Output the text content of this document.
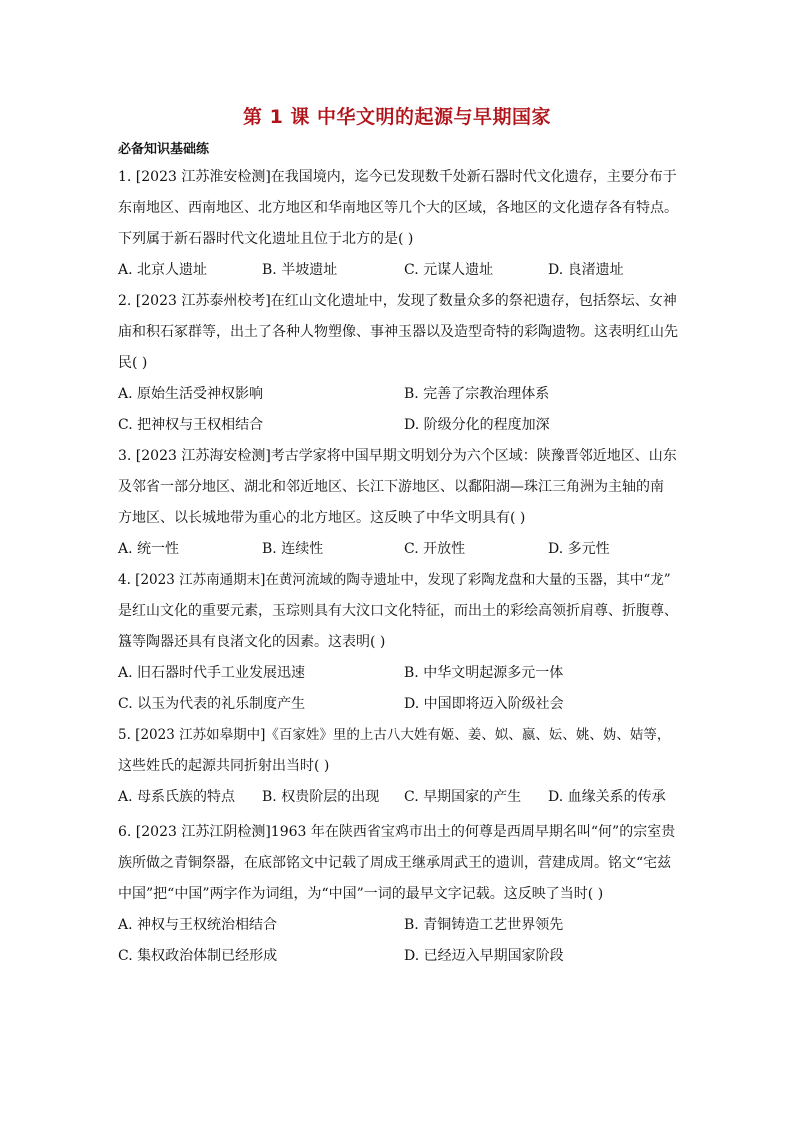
第 1 课 中华文明的起源与早期国家
必备知识基础练
1. [2023 江苏淮安检测]在我国境内，迄今已发现数千处新石器时代文化遗存，主要分布于
东南地区、西南地区、北方地区和华南地区等几个大的区域，各地区的文化遗存各有特点。
下列属于新石器时代文化遗址且位于北方的是( )
A. 北京人遗址	B. 半坡遗址	C. 元谋人遗址	D. 良渚遗址
2. [2023 江苏泰州校考]在红山文化遗址中，发现了数量众多的祭祀遗存，包括祭坛、女神
庙和积石冢群等，出土了各种人物塑像、事神玉器以及造型奇特的彩陶遗物。这表明红山先
民( )
A. 原始生活受神权影响	B. 完善了宗教治理体系
C. 把神权与王权相结合	D. 阶级分化的程度加深
3. [2023 江苏海安检测]考古学家将中国早期文明划分为六个区域：陕豫晋邻近地区、山东
及邻省一部分地区、湖北和邻近地区、长江下游地区、以鄱阳湖—珠江三角洲为主轴的南
方地区、以长城地带为重心的北方地区。这反映了中华文明具有( )
A. 统一性	B. 连续性	C. 开放性	D. 多元性
4. [2023 江苏南通期末]在黄河流域的陶寺遗址中，发现了彩陶龙盘和大量的玉器，其中“龙”
是红山文化的重要元素，玉琮则具有大汶口文化特征，而出土的彩绘高领折肩尊、折腹尊、
簋等陶器还具有良渚文化的因素。这表明( )
A. 旧石器时代手工业发展迅速	B. 中华文明起源多元一体
C. 以玉为代表的礼乐制度产生	D. 中国即将迈入阶级社会
5. [2023 江苏如皋期中]《百家姓》里的上古八大姓有姬、姜、姒、嬴、妘、姚、妫、姞等，
这些姓氏的起源共同折射出当时( )
A. 母系氏族的特点 B. 权贵阶层的出现 C. 早期国家的产生 D. 血缘关系的传承
6. [2023 江苏江阴检测]1963 年在陕西省宝鸡市出土的何尊是西周早期名叫“何”的宗室贵
族所做之青铜祭器，在底部铭文中记载了周成王继承周武王的遗训，营建成周。铭文“宅兹
中国”把“中国”两字作为词组，为“中国”一词的最早文字记载。这反映了当时( )
A. 神权与王权统治相结合	B. 青铜铸造工艺世界领先
C. 集权政治体制已经形成	D. 已经迈入早期国家阶段
